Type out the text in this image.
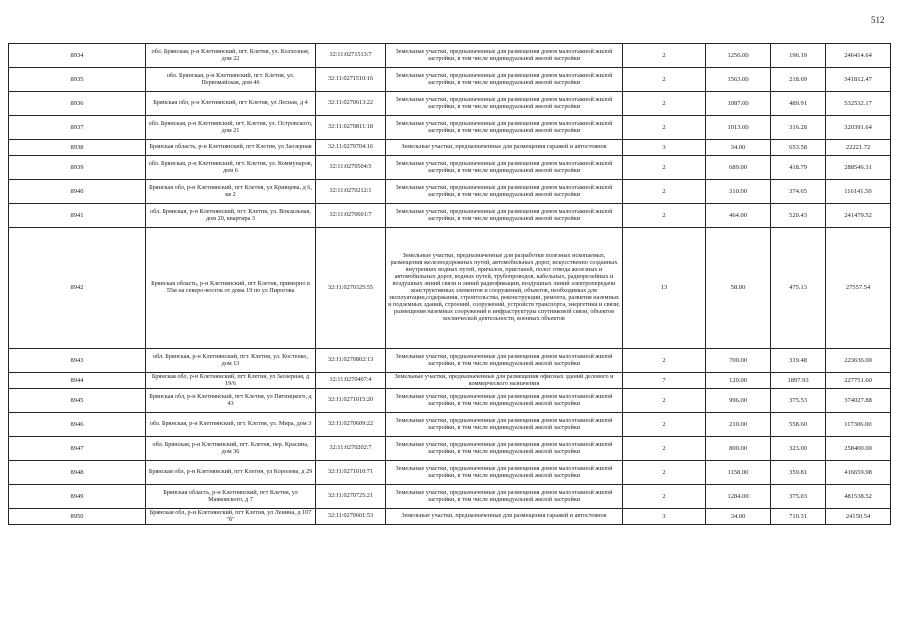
512
8934	обл. Брянская, р-н Клетнянский, пгт. Клетня, ул. Колхозная, дом 22	32:11:0271513:7	Земельные участки, предназначенные для размещения домов малоэтажной жилой застройки, в том числе индивидуальной жилой застройки	2	1256.00	196.19	246414.64
8935	обл. Брянская, р-н Клетнянский, пгт. Клетня, ул. Первомайская, дом 46	32:11:0271510:16	Земельные участки, предназначенные для размещения домов малоэтажной жилой застройки, в том числе индивидуальной жилой застройки	2	1563.00	218.69	341812.47
8936	Брянская обл, р-н Клетнянский, пгт Клетня, ул Лесная, д 4	32:11:0270613:22	Земельные участки, предназначенные для размещения домов малоэтажной жилой застройки, в том числе индивидуальной жилой застройки	2	1087.00	489.91	532532.17
8937	обл. Брянская, р-н Клетнянский, пгт. Клетня, ул. Островского, дом 21	32:11:0270811:18	Земельные участки, предназначенные для размещения домов малоэтажной жилой застройки, в том числе индивидуальной жилой застройки	2	1013.00	316.28	320391.64
8938	Брянская область, р-н Клетнянский, пгт Клетня, ул Заозерная	32:11:0270704:16	Земельные участки, предназначенные для размещения гаражей и автостоянок	3	34.00	653.58	22221.72
8939	обл. Брянская, р-н Клетнянский, пгт. Клетня, ул. Коммунаров, дом 6	32:11:0270504:5	Земельные участки, предназначенные для размещения домов малоэтажной жилой застройки, в том числе индивидуальной жилой застройки	2	689.00	418.79	288546.31
8940	Брянская обл, р-н Клетнянский, пгт Клетня, ул Кривцова, д 6, кв 2	32:11:0270212:1	Земельные участки, предназначенные для размещения домов малоэтажной жилой застройки, в том числе индивидуальной жилой застройки	2	310.00	374.65	116141.50
8941	обл. Брянская, р-н Клетнянский, пгт. Клетня, ул. Вокзальная, дом 20, квартира 3	32:11:0270601:7	Земельные участки, предназначенные для размещения домов малоэтажной жилой застройки, в том числе индивидуальной жилой застройки	2	464.00	520.43	241479.52
8942	Брянская область, р-н Клетнянский, пгт Клетня, примерно в 55м на северо-восток от дома 19 по ул Пирогова	32:11:0270325:55	Земельные участки, предназначенные для разработки полезных ископаемых, размещения железнодорожных путей, автомобильных дорог, искусственно созданных внутренних водных путей, причалов, пристаней, полос отвода железных и автомобильных дорог, водных путей, трубопроводов, кабельных, радиорелейных и воздушных линий связи и линий радиофикации, воздушных линий электропередачи конструктивных элементов и сооружений, объектов, необходимых для эксплуатации,содержания, строительства, реконструкции, ремонта, развития наземных и подземных зданий, строений, сооружений, устройств транспорта, энергетики и связи; размещения наземных сооружений в инфраструктуры спутниковой связи, объектов космической деятельности, военных объектов	13	58.00	475.13	27557.54
8943	обл. Брянская, р-н Клетнянский, пгт. Клетня, ул. Костенко, дом 13	32:11:0270802:13	Земельные участки, предназначенные для размещения домов малоэтажной жилой застройки, в том числе индивидуальной жилой застройки	2	700.00	319.48	223636.00
8944	Брянская обл, р-н Клетнянский, пгт Клетня, ул Заозерная, д 19/6	32:11:0270407:4	Земельные участки, предназначенные для размещения офисных зданий делового и коммерческого назначения	7	120.00	1897.93	227751.60
8945	Брянская обл, р-н Клетнянский, пгт Клетня, ул Пятницкого, д 43	32:11:0271015:20	Земельные участки, предназначенные для размещения домов малоэтажной жилой застройки, в том числе индивидуальной жилой застройки	2	996.00	375.53	374027.88
8946	обл. Брянская, р-н Клетнянский, пгт. Клетня, ул. Мира, дом 3	32:11:0270609:22	Земельные участки, предназначенные для размещения домов малоэтажной жилой застройки, в том числе индивидуальной жилой застройки	2	210.00	558.60	117306.00
8947	обл. Брянская, р-н Клетнянский, пгт. Клетня, пер. Красина, дом 36	32:11:0270202:7	Земельные участки, предназначенные для размещения домов малоэтажной жилой застройки, в том числе индивидуальной жилой застройки	2	800.00	323.00	258400.00
8948	Брянская обл, р-н Клетнянский, пгт Клетня, ул Королева, д 29	32:11:0271010:71	Земельные участки, предназначенные для размещения домов малоэтажной жилой застройки, в том числе индивидуальной жилой застройки	2	1158.00	359.81	416659.98
8949	Брянская область, р-н Клетнянский, пгт Клетня, ул Маяковского, д 7	32:11:0270725:21	Земельные участки, предназначенные для размещения домов малоэтажной жилой застройки, в том числе индивидуальной жилой застройки	2	1284.00	375.03	481538.52
8950	Брянская обл, р-н Клетнянский, пгт Клетня, ул Ленина, д 107 "б"	32:11:0270601:53	Земельные участки, предназначенные для размещения гаражей и автостоянок	3	34.00	710.31	24150.54
